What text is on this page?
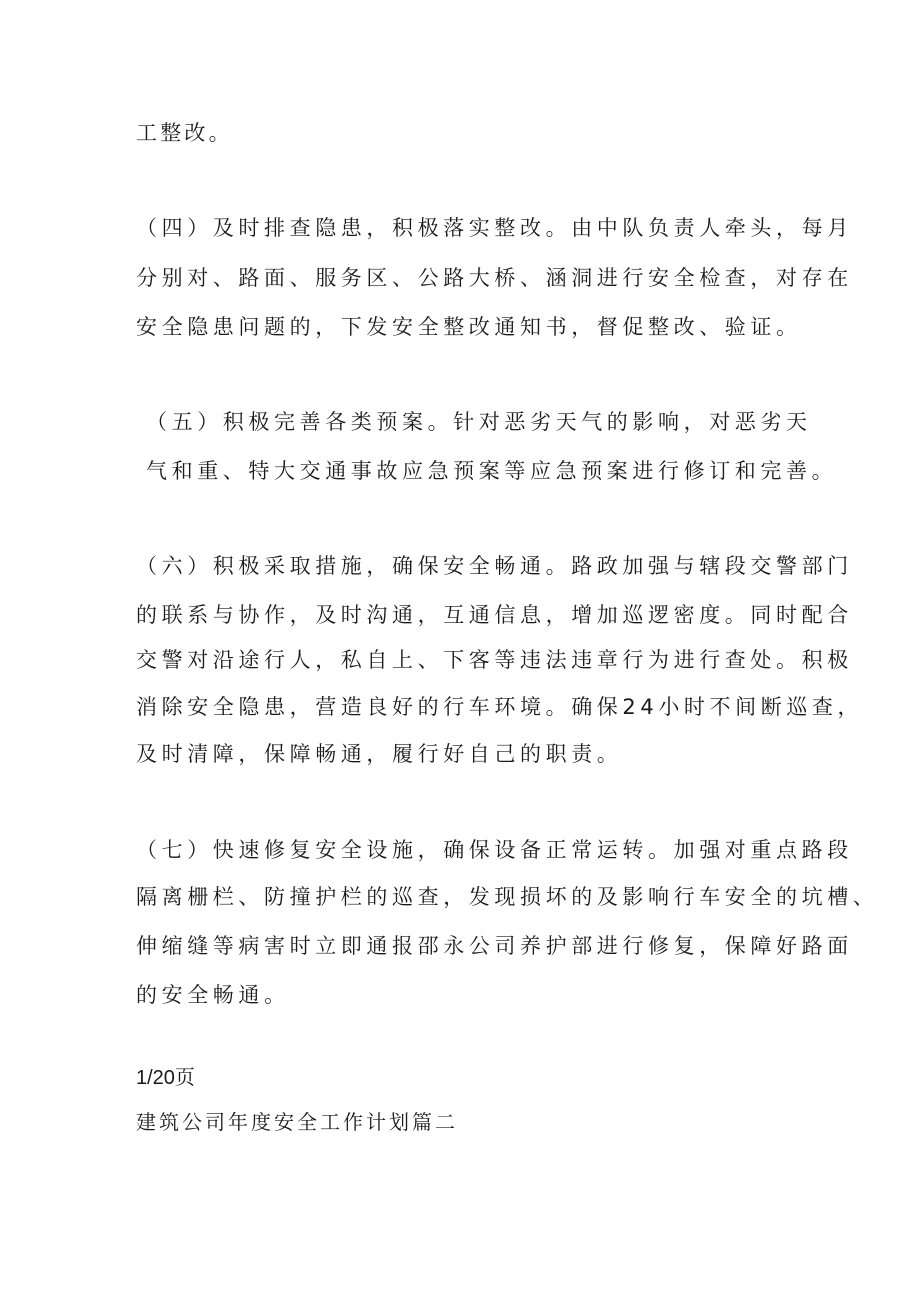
工整改。
（四）及时排查隐患，积极落实整改。由中队负责人牵头，每月
分别对、路面、服务区、公路大桥、涵洞进行安全检查，对存在
安全隐患问题的，下发安全整改通知书，督促整改、验证。
（五）积极完善各类预案。针对恶劣天气的影响，对恶劣天
气和重、特大交通事故应急预案等应急预案进行修订和完善。
（六）积极采取措施，确保安全畅通。路政加强与辖段交警部门
的联系与协作，及时沟通，互通信息，增加巡逻密度。同时配合
交警对沿途行人，私自上、下客等违法违章行为进行查处。积极
消除安全隐患，营造良好的行车环境。确保24小时不间断巡查，
及时清障，保障畅通，履行好自己的职责。
（七）快速修复安全设施，确保设备正常运转。加强对重点路段
隔离栅栏、防撞护栏的巡查，发现损坏的及影响行车安全的坑槽、
伸缩缝等病害时立即通报邵永公司养护部进行修复，保障好路面
的安全畅通。
1/20页
建筑公司年度安全工作计划篇二
